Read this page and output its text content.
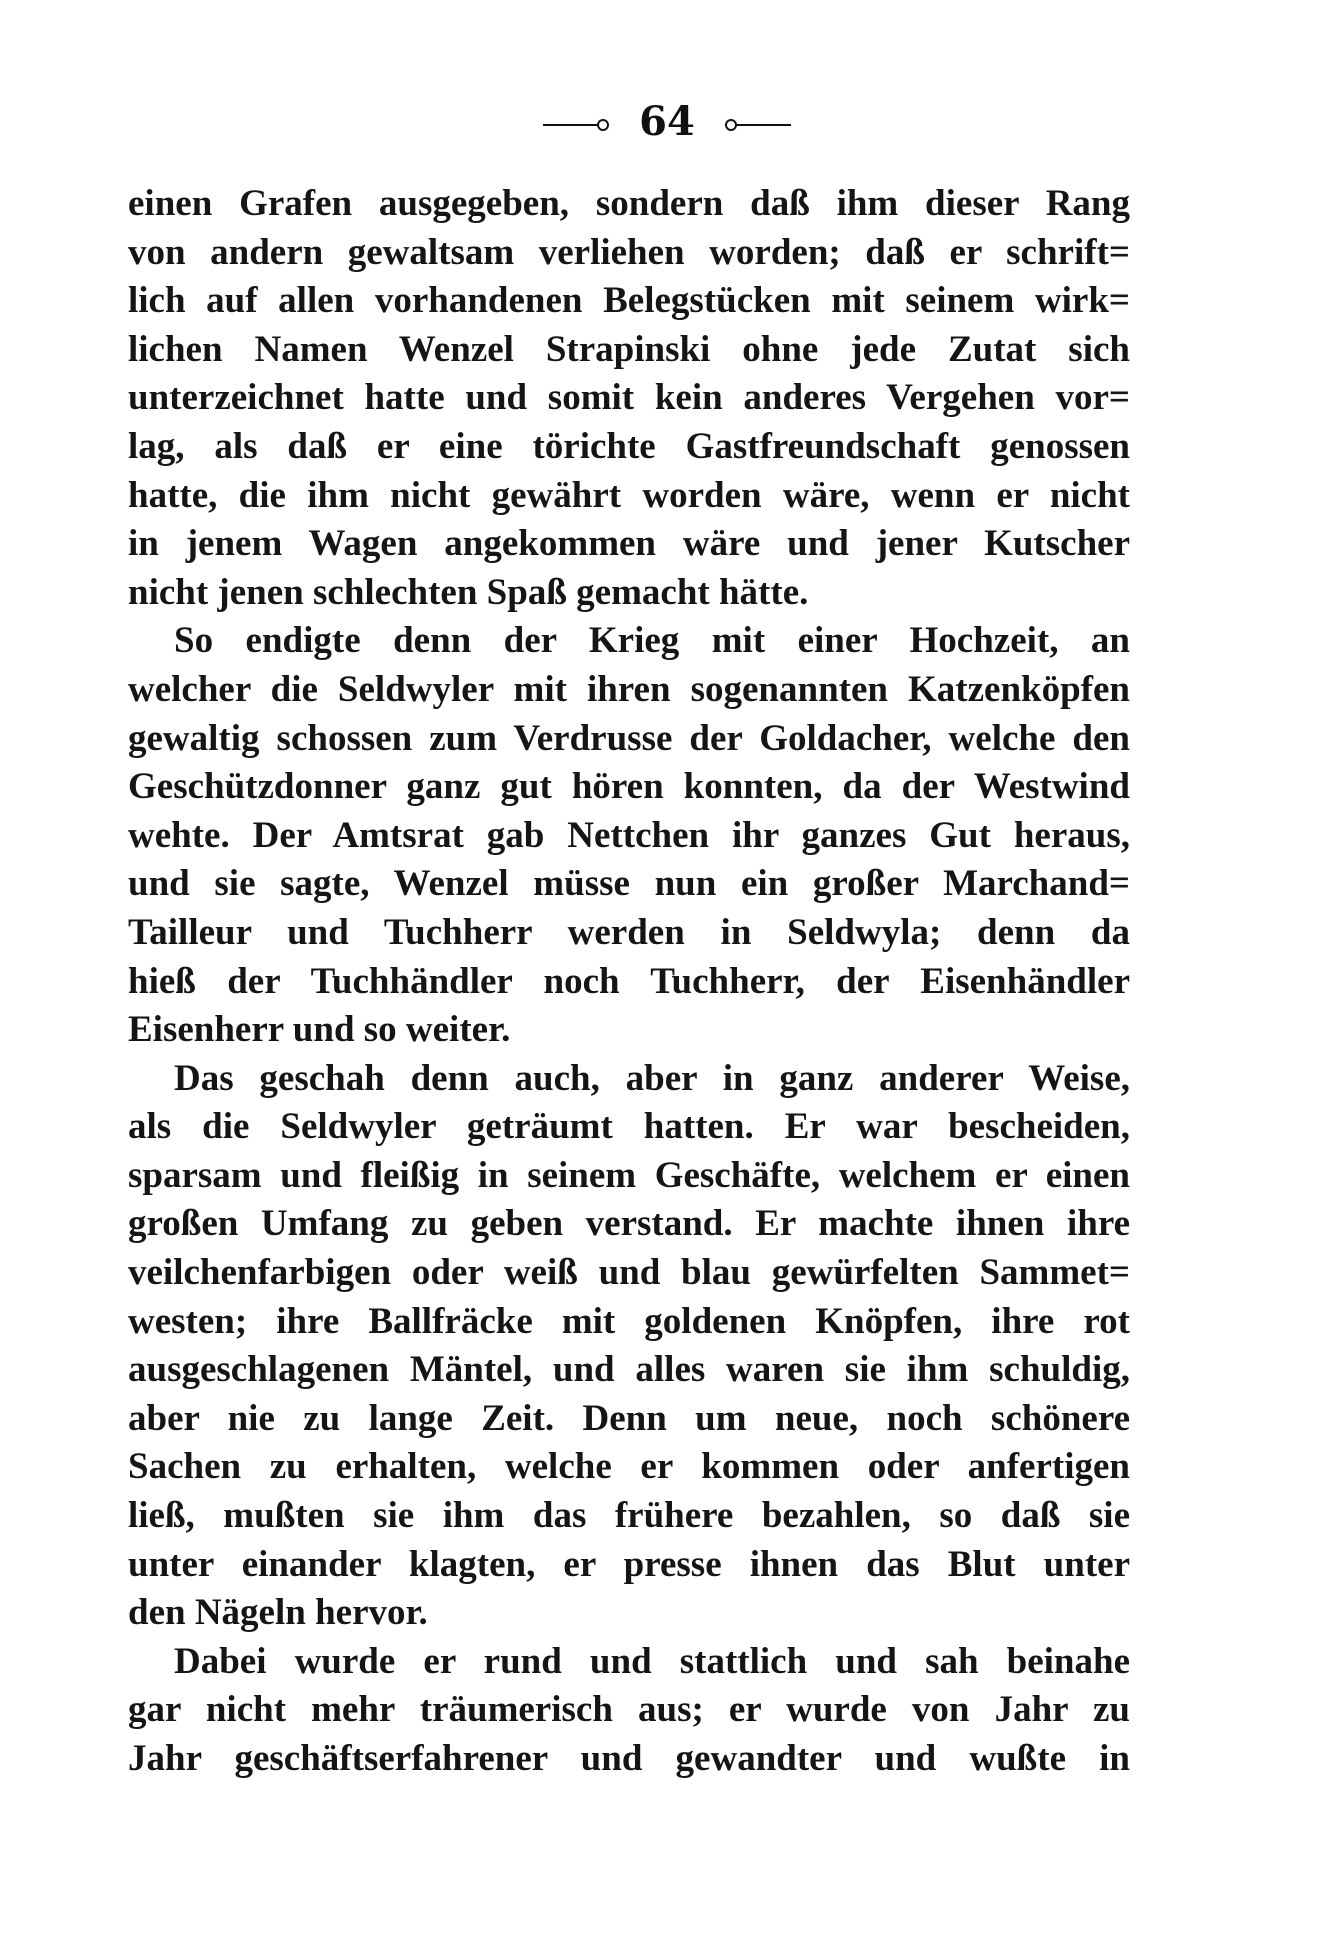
64
einen Grafen ausgegeben, sondern daß ihm dieser Rang
von andern gewaltsam verliehen worden; daß er schrift=
lich auf allen vorhandenen Belegstücken mit seinem wirk=
lichen Namen Wenzel Strapinski ohne jede Zutat sich
unterzeichnet hatte und somit kein anderes Vergehen vor=
lag, als daß er eine törichte Gastfreundschaft genossen
hatte, die ihm nicht gewährt worden wäre, wenn er nicht
in jenem Wagen angekommen wäre und jener Kutscher
nicht jenen schlechten Spaß gemacht hätte.
So endigte denn der Krieg mit einer Hochzeit, an
welcher die Seldwyler mit ihren sogenannten Katzenköpfen
gewaltig schossen zum Verdrusse der Goldacher, welche den
Geschützdonner ganz gut hören konnten, da der Westwind
wehte. Der Amtsrat gab Nettchen ihr ganzes Gut heraus,
und sie sagte, Wenzel müsse nun ein großer Marchand=
Tailleur und Tuchherr werden in Seldwyla; denn da
hieß der Tuchhändler noch Tuchherr, der Eisenhändler
Eisenherr und so weiter.
Das geschah denn auch, aber in ganz anderer Weise,
als die Seldwyler geträumt hatten. Er war bescheiden,
sparsam und fleißig in seinem Geschäfte, welchem er einen
großen Umfang zu geben verstand. Er machte ihnen ihre
veilchenfarbigen oder weiß und blau gewürfelten Sammet=
westen; ihre Ballfräcke mit goldenen Knöpfen, ihre rot
ausgeschlagenen Mäntel, und alles waren sie ihm schuldig,
aber nie zu lange Zeit. Denn um neue, noch schönere
Sachen zu erhalten, welche er kommen oder anfertigen
ließ, mußten sie ihm das frühere bezahlen, so daß sie
unter einander klagten, er presse ihnen das Blut unter
den Nägeln hervor.
Dabei wurde er rund und stattlich und sah beinahe
gar nicht mehr träumerisch aus; er wurde von Jahr zu
Jahr geschäftserfahrener und gewandter und wußte in
